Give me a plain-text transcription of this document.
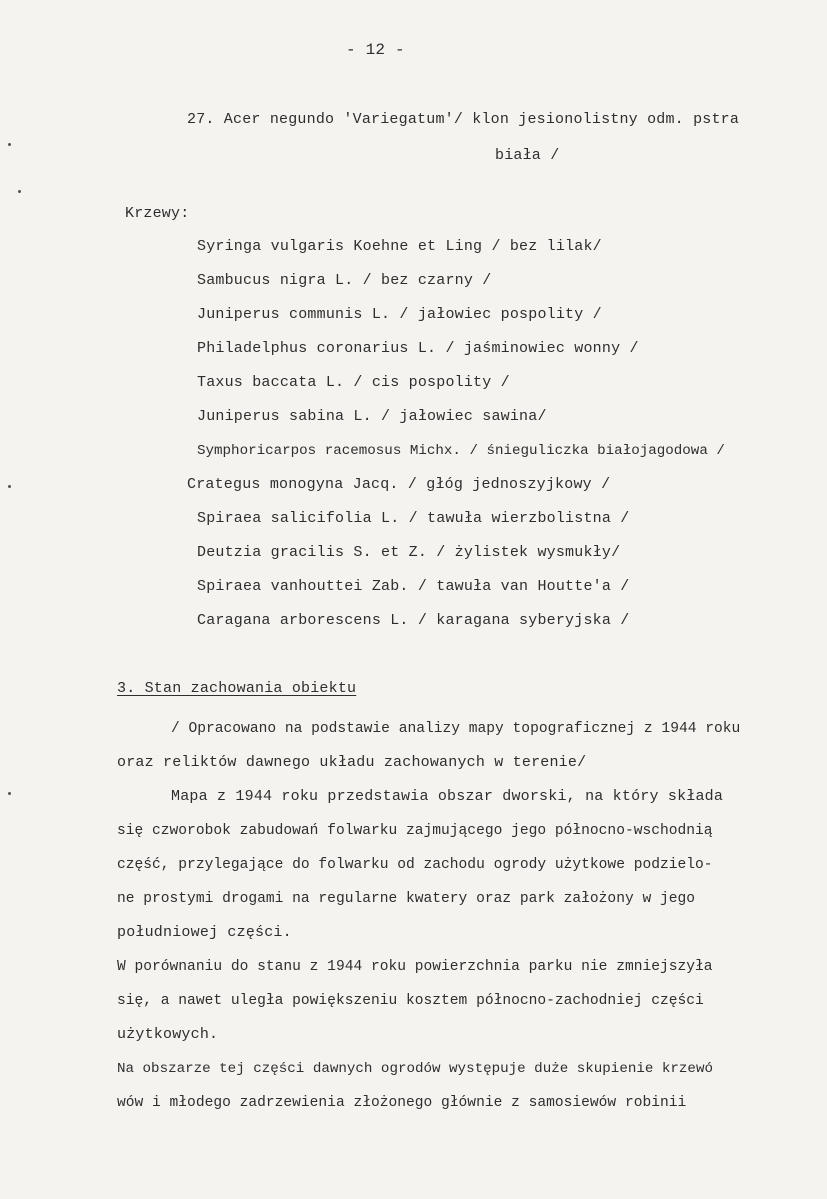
- 12 -
27. Acer negundo 'Variegatum'/ klon jesionolistny odm. pstra
biała /
Krzewy:
Syringa vulgaris Koehne et Ling / bez lilak/
Sambucus nigra L. / bez czarny /
Juniperus communis L. / jałowiec pospolity /
Philadelphus coronarius L. / jaśminowiec wonny /
Taxus baccata L. / cis pospolity /
Juniperus sabina L. / jałowiec sawina/
Symphoricarpos racemosus Michx. / śnieguliczka białojagodowa /
Crategus monogyna Jacq. / głóg jednoszyjkowy /
Spiraea salicifolia L. / tawuła wierzbolistna /
Deutzia gracilis S. et Z. / żylistek wysmukły/
Spiraea vanhouttei Zab. / tawuła van Houtte'a /
Caragana arborescens L. / karagana syberyjska /
3. Stan zachowania obiektu
/ Opracowano na podstawie analizy mapy topograficznej z 1944 roku
oraz reliktów dawnego układu zachowanych w terenie/
Mapa z 1944 roku przedstawia obszar dworski, na który składa
się czworobok zabudowań folwarku zajmującego jego północno-wschodnią
część, przylegające do folwarku od zachodu ogrody użytkowe podzielo-
ne prostymi drogami na regularne kwatery oraz park założony w jego
południowej części.
W porównaniu do stanu z 1944 roku powierzchnia parku nie zmniejszyła
się, a nawet uległa powiększeniu kosztem północno-zachodniej części
użytkowych.
Na obszarze tej części dawnych ogrodów występuje duże skupienie krzewó
wów i młodego zadrzewienia złożonego głównie z samosiewów robinii
